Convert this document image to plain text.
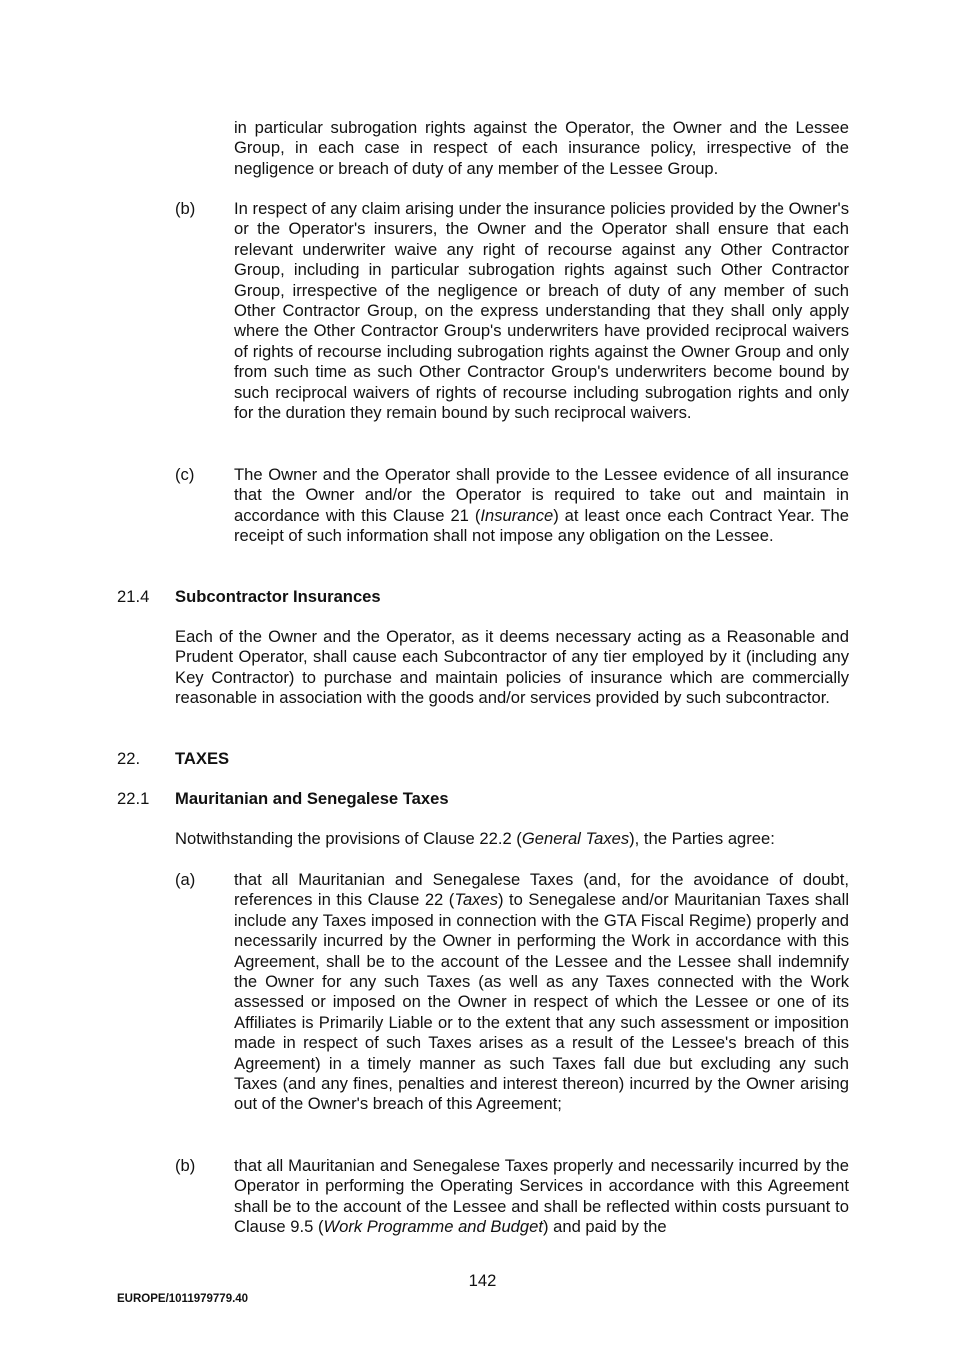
in particular subrogation rights against the Operator, the Owner and the Lessee Group, in each case in respect of each insurance policy, irrespective of the negligence or breach of duty of any member of the Lessee Group.

(b) In respect of any claim arising under the insurance policies provided by the Owner's or the Operator's insurers, the Owner and the Operator shall ensure that each relevant underwriter waive any right of recourse against any Other Contractor Group, including in particular subrogation rights against such Other Contractor Group, irrespective of the negligence or breach of duty of any member of such Other Contractor Group, on the express understanding that they shall only apply where the Other Contractor Group's underwriters have provided reciprocal waivers of rights of recourse including subrogation rights against the Owner Group and only from such time as such Other Contractor Group's underwriters become bound by such reciprocal waivers of rights of recourse including subrogation rights and only for the duration they remain bound by such reciprocal waivers.

(c) The Owner and the Operator shall provide to the Lessee evidence of all insurance that the Owner and/or the Operator is required to take out and maintain in accordance with this Clause 21 (Insurance) at least once each Contract Year. The receipt of such information shall not impose any obligation on the Lessee.

21.4 Subcontractor Insurances

Each of the Owner and the Operator, as it deems necessary acting as a Reasonable and Prudent Operator, shall cause each Subcontractor of any tier employed by it (including any Key Contractor) to purchase and maintain policies of insurance which are commercially reasonable in association with the goods and/or services provided by such subcontractor.

22. TAXES

22.1 Mauritanian and Senegalese Taxes

Notwithstanding the provisions of Clause 22.2 (General Taxes), the Parties agree:

(a) that all Mauritanian and Senegalese Taxes (and, for the avoidance of doubt, references in this Clause 22 (Taxes) to Senegalese and/or Mauritanian Taxes shall include any Taxes imposed in connection with the GTA Fiscal Regime) properly and necessarily incurred by the Owner in performing the Work in accordance with this Agreement, shall be to the account of the Lessee and the Lessee shall indemnify the Owner for any such Taxes (as well as any Taxes connected with the Work assessed or imposed on the Owner in respect of which the Lessee or one of its Affiliates is Primarily Liable or to the extent that any such assessment or imposition made in respect of such Taxes arises as a result of the Lessee's breach of this Agreement) in a timely manner as such Taxes fall due but excluding any such Taxes (and any fines, penalties and interest thereon) incurred by the Owner arising out of the Owner's breach of this Agreement;

(b) that all Mauritanian and Senegalese Taxes properly and necessarily incurred by the Operator in performing the Operating Services in accordance with this Agreement shall be to the account of the Lessee and shall be reflected within costs pursuant to Clause 9.5 (Work Programme and Budget) and paid by the

142
EUROPE/1011979779.40
